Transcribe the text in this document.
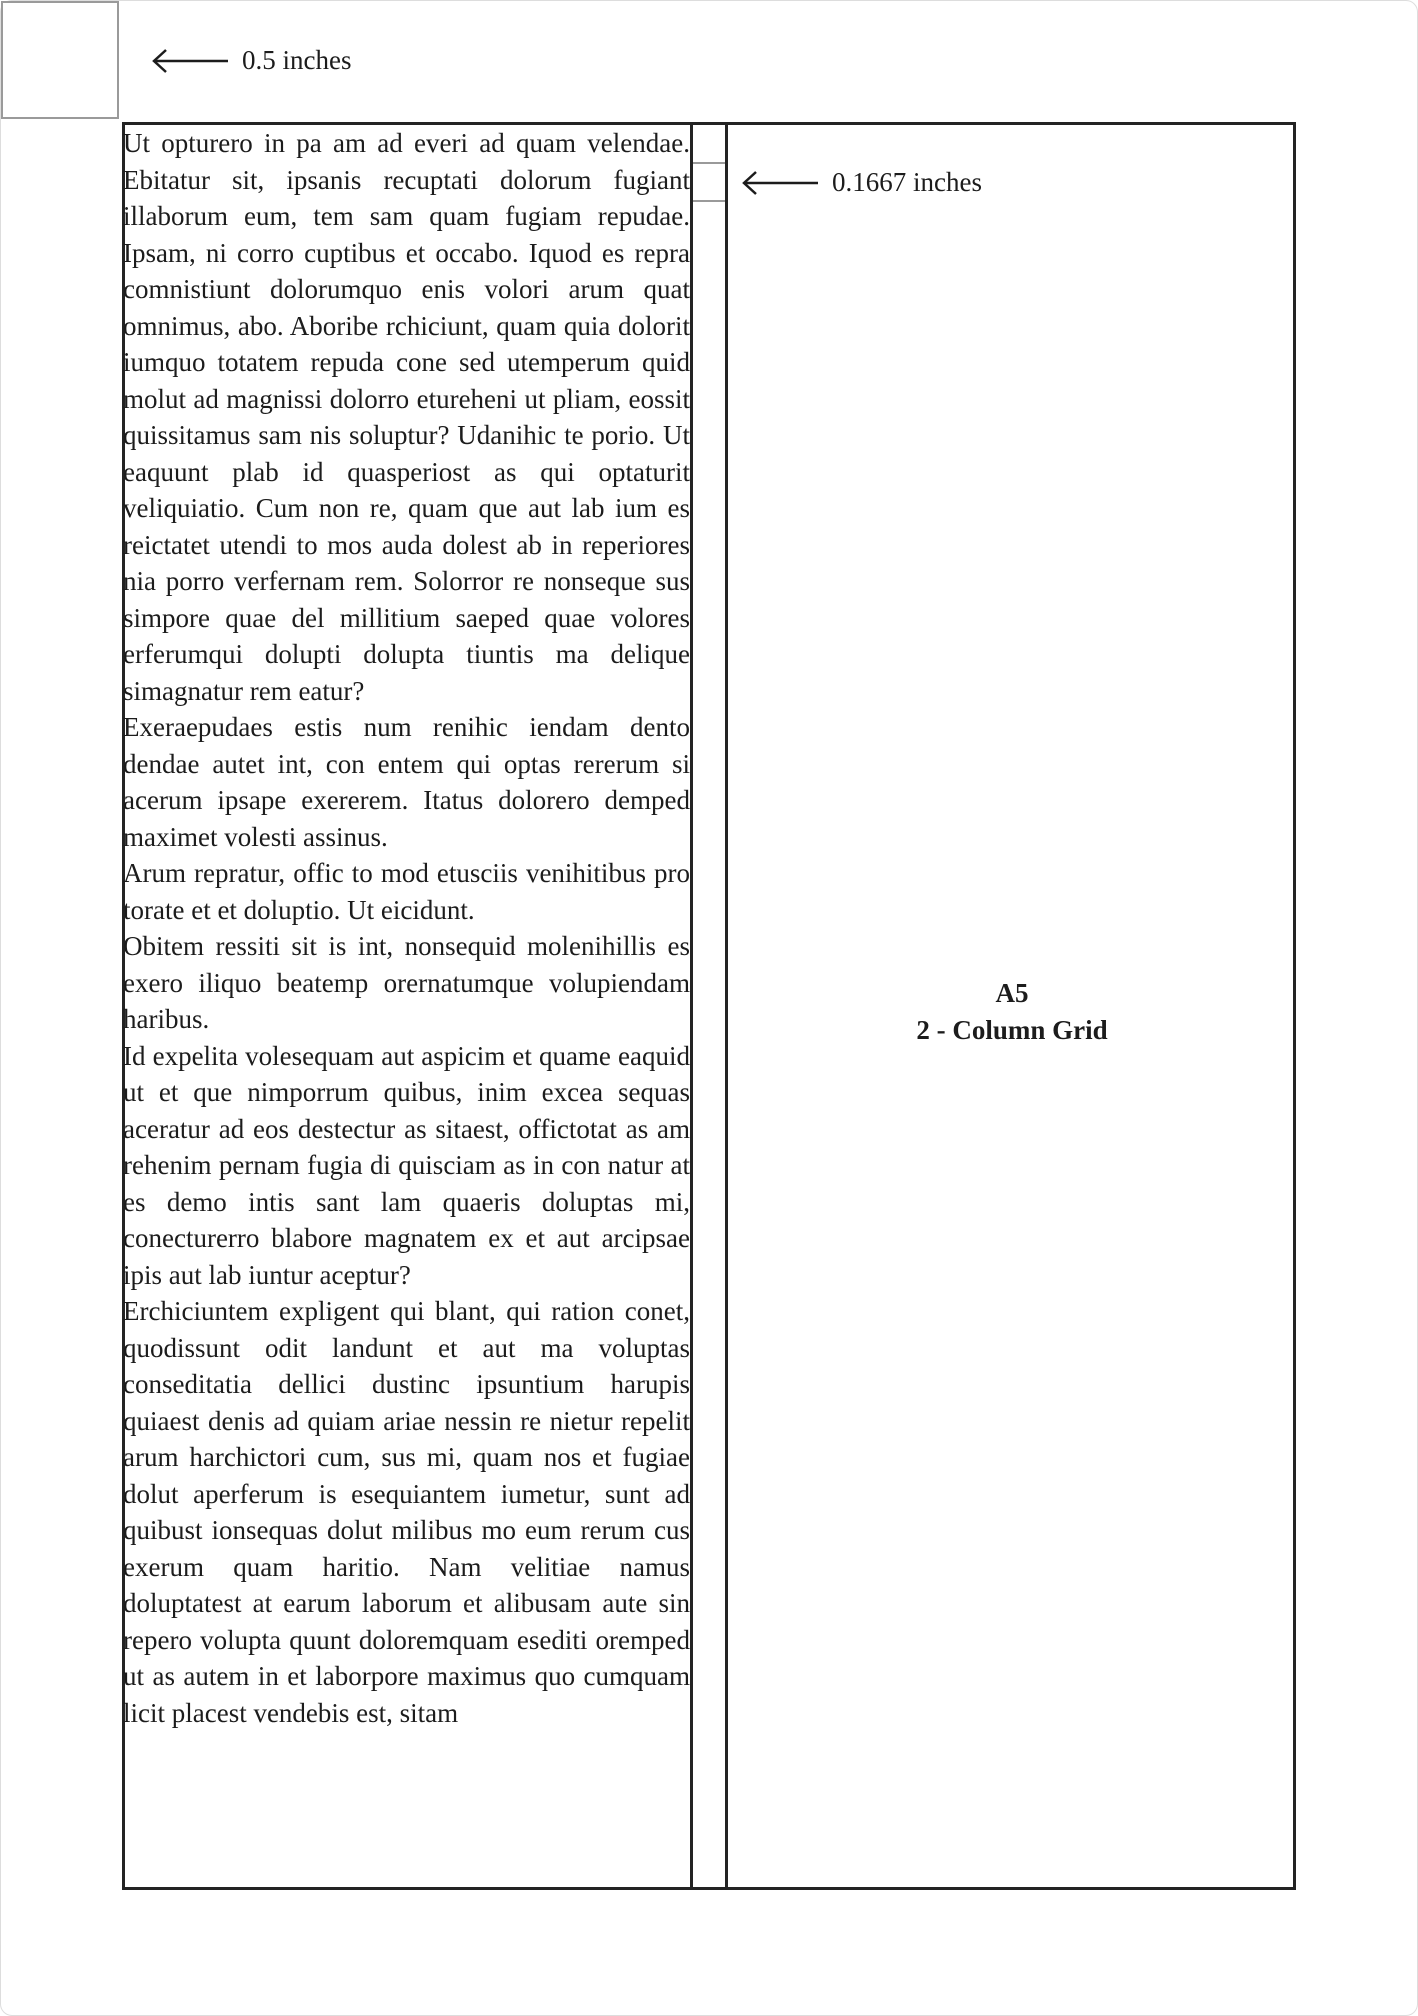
0.5 inches

Ut opturero in pa am ad everi ad quam velendae. Ebitatur sit, ipsanis recuptati dolorum fugiant illaborum eum, tem sam quam fugiam repudae. Ipsam, ni corro cuptibus et occabo. Iquod es repra comnistiunt dolorumquo enis volori arum quat omnimus, abo. Aboribe rchiciunt, quam quia dolorit iumquo totatem repuda cone sed utemperum quid molut ad magnissi dolorro etureheni ut pliam, eossit quissitamus sam nis soluptur? Udanihic te porio. Ut eaquunt plab id quasperiost as qui optaturit veliquiatio. Cum non re, quam que aut lab ium es reictatet utendi to mos auda dolest ab in reperiores nia porro verfernam rem. Solorror re nonseque sus simpore quae del millitium saeped quae volores erferumqui dolupti dolupta tiuntis ma delique simagnatur rem eatur?

Exeraepudaes estis num renihic iendam dento dendae autet int, con entem qui optas rererum si acerum ipsape exererem. Itatus dolorero demped maximet volesti assinus.

Arum repratur, offic to mod etusciis venihitibus pro torate et et doluptio. Ut eicidunt.

Obitem ressiti sit is int, nonsequid molenihillis es exero iliquo beatemp orernatumque volupiendam haribus.

Id expelita volesequam aut aspicim et quame eaquid ut et que nimporrum quibus, inim excea sequas aceratur ad eos destectur as sitaest, offictotat as am rehenim pernam fugia di quisciam as in con natur at es demo intis sant lam quaeris doluptas mi, conecturerro blabore magnatem ex et aut arcipsae ipis aut lab iuntur aceptur?

Erchiciuntem expligent qui blant, qui ration conet, quodissunt odit landunt et aut ma voluptas conseditatia dellici dustinc ipsuntium harupis quiaest denis ad quiam ariae nessin re nietur repelit arum harchictori cum, sus mi, quam nos et fugiae dolut aperferum is esequiantem iumetur, sunt ad quibust ionsequas dolut milibus mo eum rerum cus exerum quam haritio. Nam velitiae namus doluptatest at earum laborum et alibusam aute sin repero volupta quunt doloremquam esediti oremped ut as autem in et laborpore maximus quo cumquam licit placest vendebis est, sitam

0.1667 inches
A5
2 - Column Grid
